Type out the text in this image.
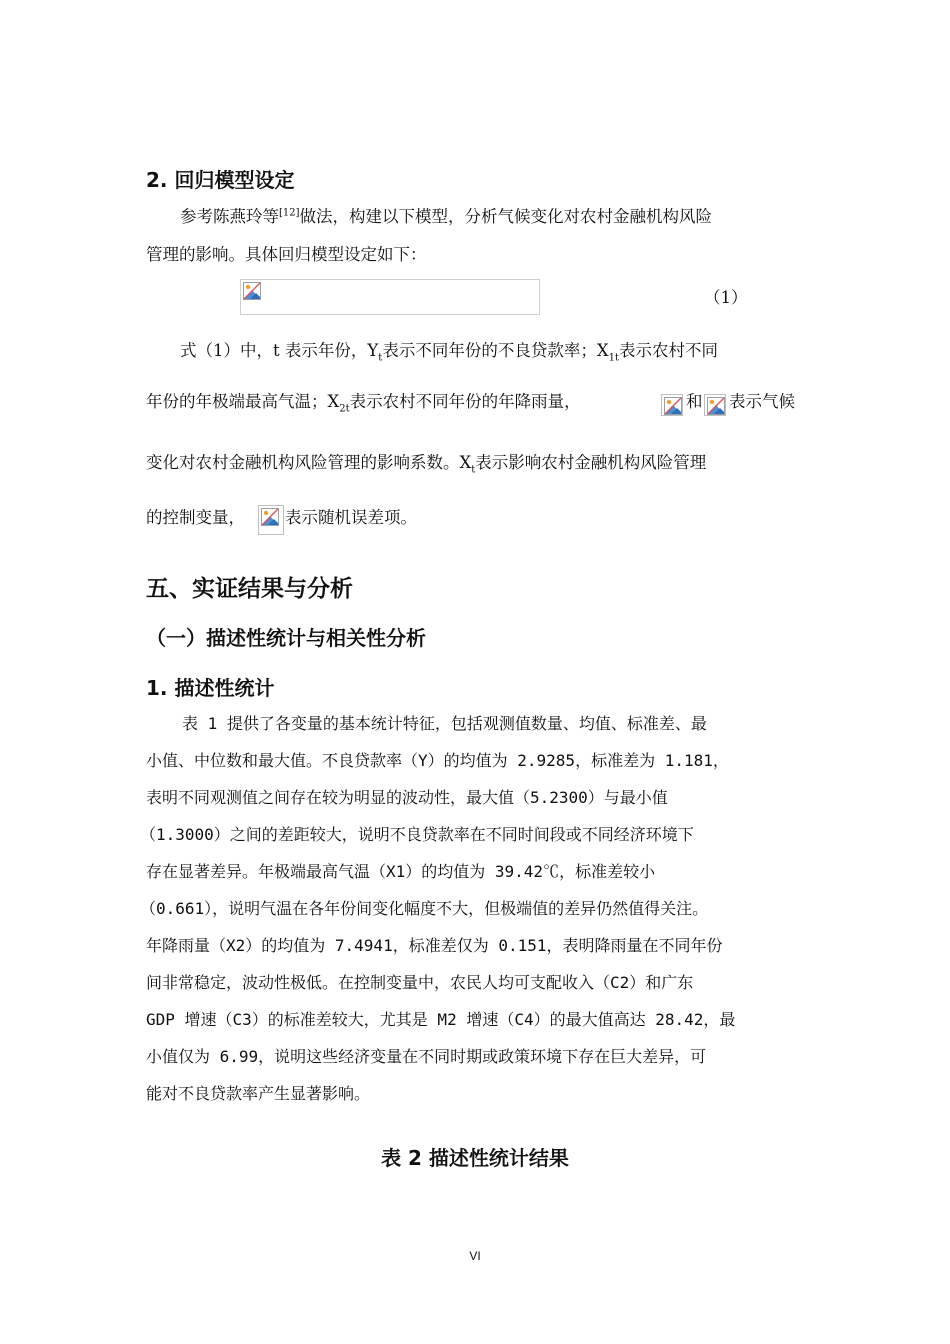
2. 回归模型设定
参考陈燕玲等[12]做法，构建以下模型，分析气候变化对农村金融机构风险
管理的影响。具体回归模型设定如下：
（1）
式（1）中，t 表示年份，$Y_t$表示不同年份的不良贷款率；$X_{1t}$表示农村不同
年份的年极端最高气温；$X_{2t}$表示农村不同年份的年降雨量，	和 表示气候
变化对农村金融机构风险管理的影响系数。$X_t$表示影响农村金融机构风险管理
的控制变量， 表示随机误差项。
五、实证结果与分析
（一）描述性统计与相关性分析
1. 描述性统计
表 1 提供了各变量的基本统计特征，包括观测值数量、均值、标准差、最
小值、中位数和最大值。不良贷款率（Y）的均值为 2.9285，标准差为 1.181，
表明不同观测值之间存在较为明显的波动性，最大值（5.2300）与最小值
（1.3000）之间的差距较大，说明不良贷款率在不同时间段或不同经济环境下
存在显著差异。年极端最高气温（X1）的均值为 39.42℃，标准差较小
（0.661），说明气温在各年份间变化幅度不大，但极端值的差异仍然值得关注。
年降雨量（X2）的均值为 7.4941，标准差仅为 0.151，表明降雨量在不同年份
间非常稳定，波动性极低。在控制变量中，农民人均可支配收入（C2）和广东
GDP 增速（C3）的标准差较大，尤其是 M2 增速（C4）的最大值高达 28.42，最
小值仅为 6.99，说明这些经济变量在不同时期或政策环境下存在巨大差异，可
能对不良贷款率产生显著影响。
表 2 描述性统计结果
VI
